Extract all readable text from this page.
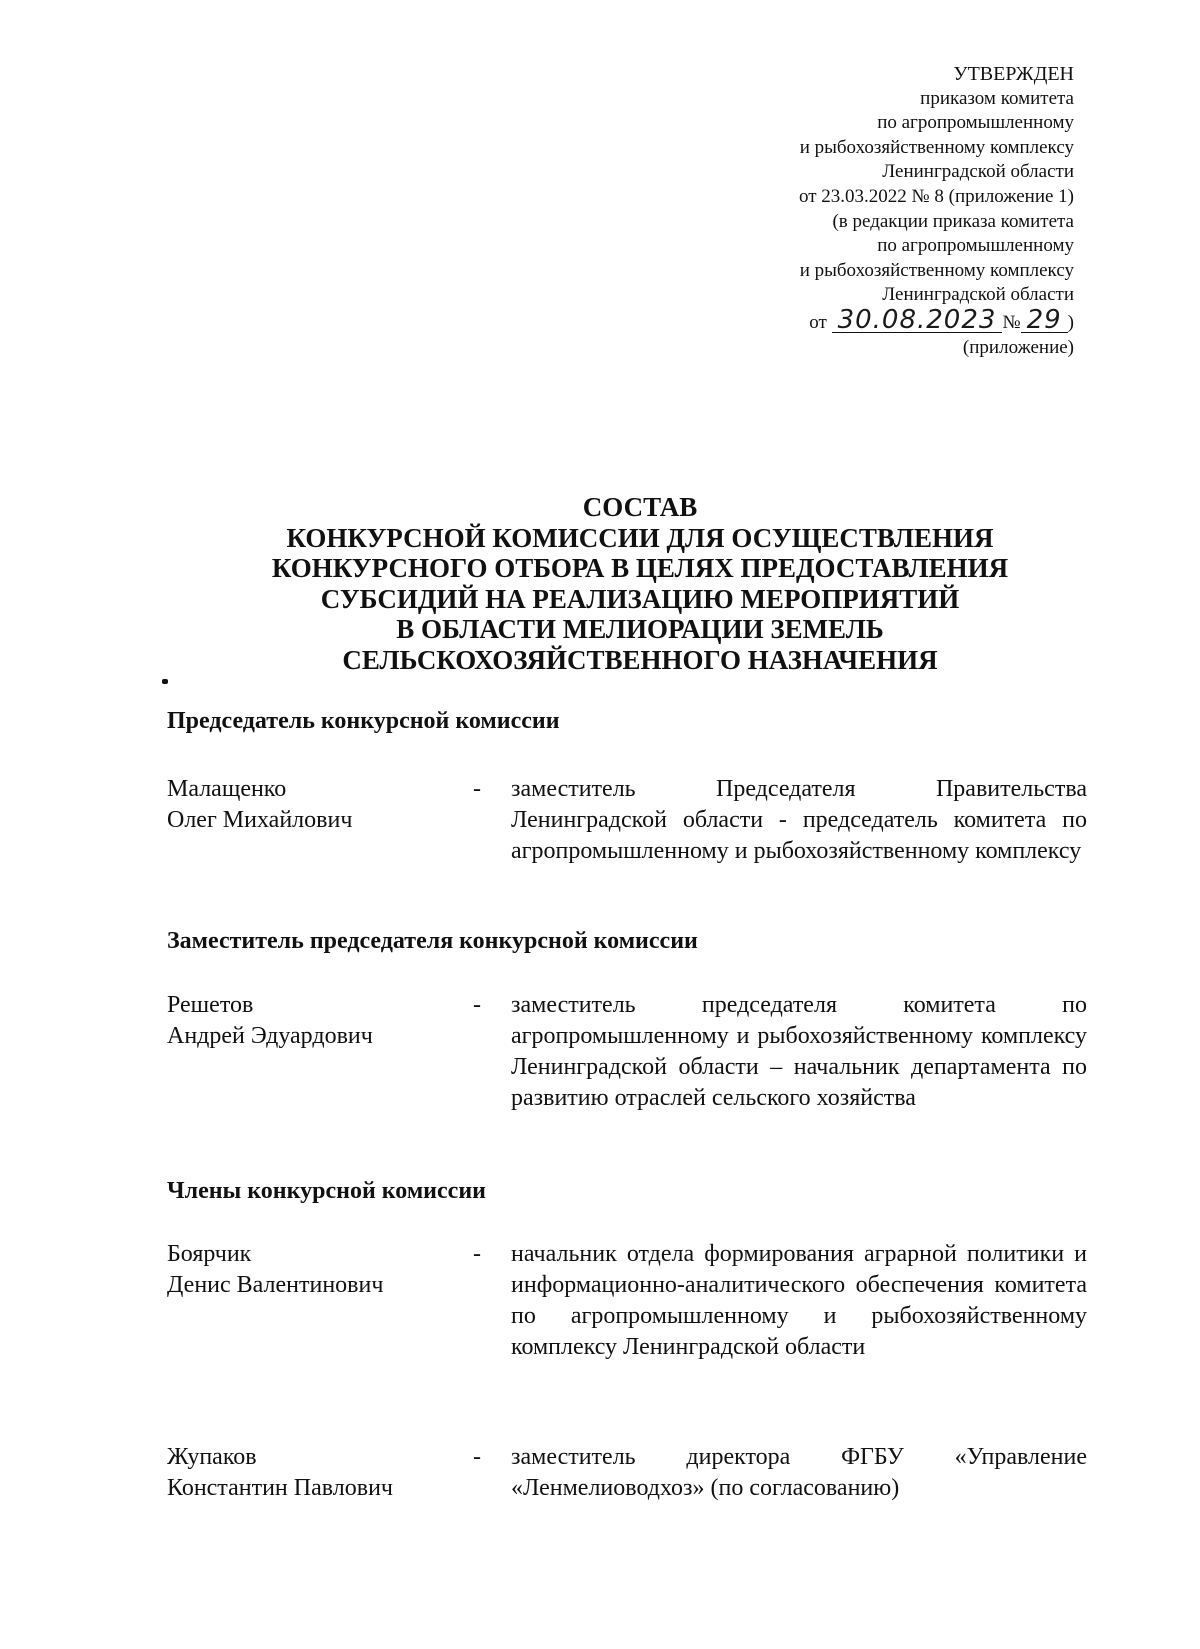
УТВЕРЖДЕН
приказом комитета
по агропромышленному
и рыбохозяйственному комплексу
Ленинградской области
от 23.03.2022 № 8 (приложение 1)
(в редакции приказа комитета
по агропромышленному
и рыбохозяйственному комплексу
Ленинградской области
от 30.08.2023 № 29 )
(приложение)
СОСТАВ
КОНКУРСНОЙ КОМИССИИ ДЛЯ ОСУЩЕСТВЛЕНИЯ
КОНКУРСНОГО ОТБОРА В ЦЕЛЯХ ПРЕДОСТАВЛЕНИЯ
СУБСИДИЙ НА РЕАЛИЗАЦИЮ МЕРОПРИЯТИЙ
В ОБЛАСТИ МЕЛИОРАЦИИ ЗЕМЕЛЬ
СЕЛЬСКОХОЗЯЙСТВЕННОГО НАЗНАЧЕНИЯ
Председатель конкурсной комиссии
Малащенко
Олег Михайлович
- заместитель Председателя Правительства Ленинградской области - председатель комитета по агропромышленному и рыбохозяйственному комплексу
Заместитель председателя конкурсной комиссии
Решетов
Андрей Эдуардович
- заместитель председателя комитета по агропромышленному и рыбохозяйственному комплексу Ленинградской области – начальник департамента по развитию отраслей сельского хозяйства
Члены конкурсной комиссии
Боярчик
Денис Валентинович
- начальник отдела формирования аграрной политики и информационно-аналитического обеспечения комитета по агропромышленному и рыбохозяйственному комплексу Ленинградской области
Жупаков
Константин Павлович
- заместитель директора ФГБУ «Управление «Ленмелиоводхоз» (по согласованию)
